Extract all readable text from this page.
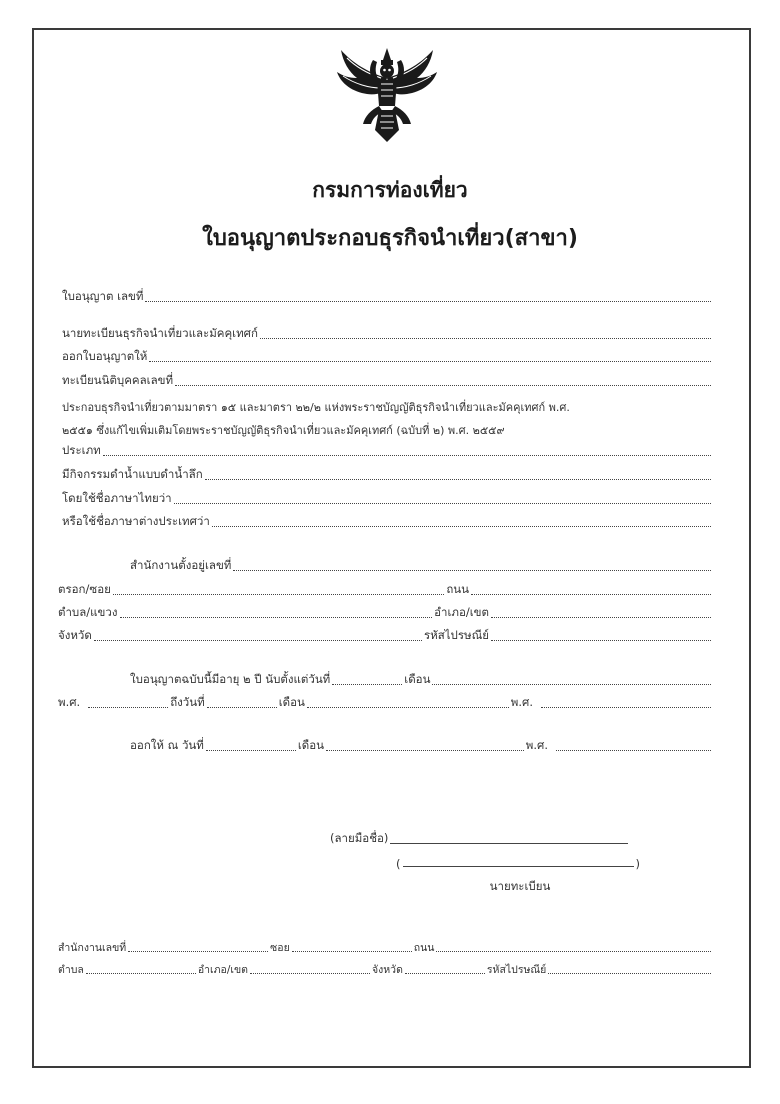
กรมการท่องเที่ยว
ใบอนุญาตประกอบธุรกิจนำเที่ยว(สาขา)
ใบอนุญาต เลขที่
นายทะเบียนธุรกิจนำเที่ยวและมัคคุเทศก์
ออกใบอนุญาตให้
ทะเบียนนิติบุคคลเลขที่
ประกอบธุรกิจนำเที่ยวตามมาตรา ๑๕ และมาตรา ๒๒/๒ แห่งพระราชบัญญัติธุรกิจนำเที่ยวและมัคคุเทศก์ พ.ศ.
๒๕๕๑ ซึ่งแก้ไขเพิ่มเติมโดยพระราชบัญญัติธุรกิจนำเที่ยวและมัคคุเทศก์ (ฉบับที่ ๒) พ.ศ. ๒๕๕๙
ประเภท
มีกิจกรรมดำน้ำแบบดำน้ำลึก
โดยใช้ชื่อภาษาไทยว่า
หรือใช้ชื่อภาษาต่างประเทศว่า
สำนักงานตั้งอยู่เลขที่
ตรอก/ซอย	ถนน
ตำบล/แขวง	อำเภอ/เขต
จังหวัด	รหัสไปรษณีย์
ใบอนุญาตฉบับนี้มีอายุ ๒ ปี นับตั้งแต่วันที่	เดือน
พ.ศ.	ถึงวันที่	เดือน	พ.ศ.
ออกให้ ณ วันที่	เดือน	พ.ศ.
(ลายมือชื่อ)
(	)
นายทะเบียน
สำนักงานเลขที่	ซอย	ถนน
ตำบล	อำเภอ/เขต	จังหวัด	รหัสไปรษณีย์
